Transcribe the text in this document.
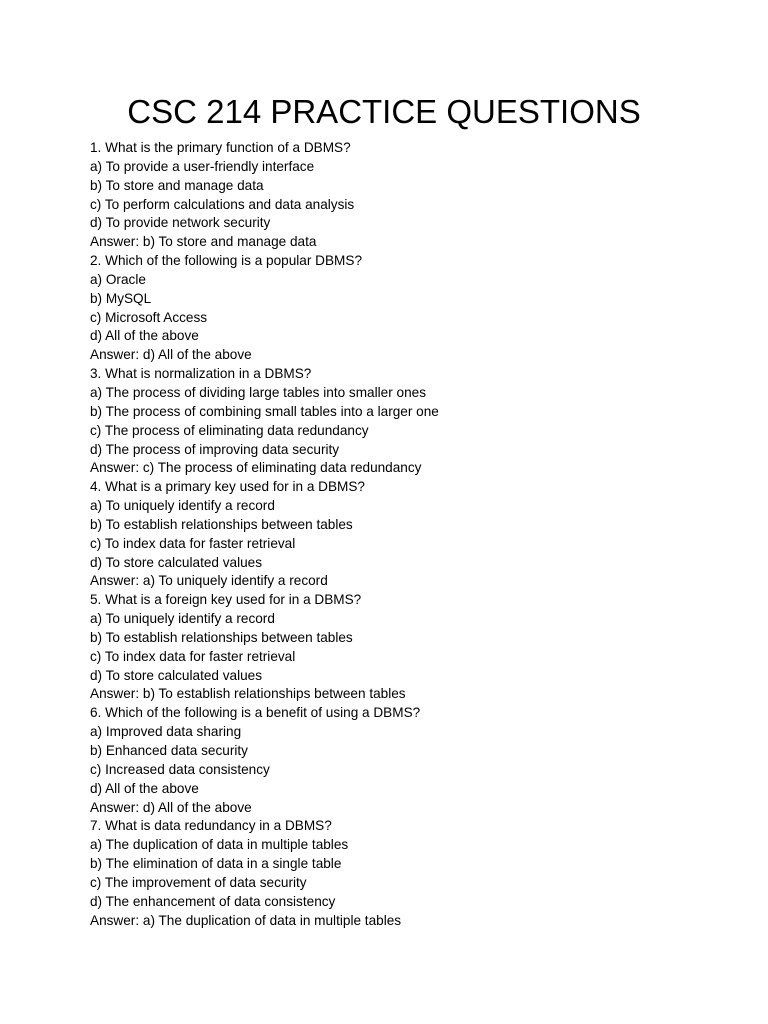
CSC 214 PRACTICE QUESTIONS
1. What is the primary function of a DBMS?
a) To provide a user-friendly interface
b) To store and manage data
c) To perform calculations and data analysis
d) To provide network security
Answer: b) To store and manage data
2. Which of the following is a popular DBMS?
a) Oracle
b) MySQL
c) Microsoft Access
d) All of the above
Answer: d) All of the above
3. What is normalization in a DBMS?
a) The process of dividing large tables into smaller ones
b) The process of combining small tables into a larger one
c) The process of eliminating data redundancy
d) The process of improving data security
Answer: c) The process of eliminating data redundancy
4. What is a primary key used for in a DBMS?
a) To uniquely identify a record
b) To establish relationships between tables
c) To index data for faster retrieval
d) To store calculated values
Answer: a) To uniquely identify a record
5. What is a foreign key used for in a DBMS?
a) To uniquely identify a record
b) To establish relationships between tables
c) To index data for faster retrieval
d) To store calculated values
Answer: b) To establish relationships between tables
6. Which of the following is a benefit of using a DBMS?
a) Improved data sharing
b) Enhanced data security
c) Increased data consistency
d) All of the above
Answer: d) All of the above
7. What is data redundancy in a DBMS?
a) The duplication of data in multiple tables
b) The elimination of data in a single table
c) The improvement of data security
d) The enhancement of data consistency
Answer: a) The duplication of data in multiple tables
